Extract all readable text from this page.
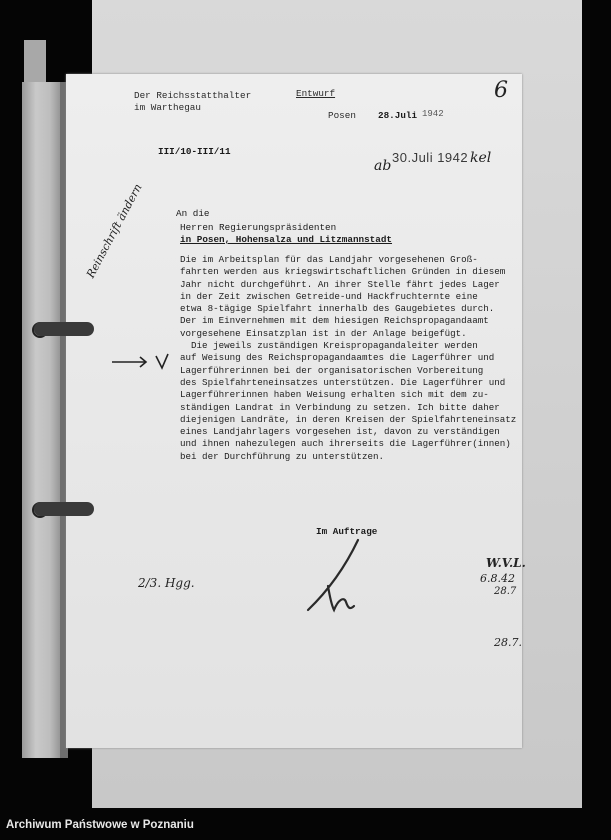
Der Reichsstatthalter
im Warthegau
Entwurf
Posen 28.Juli 1942
6
III/10-III/11
ab
30.Juli 1942 kel
Reinschrift ändern	An die
Herren Regierungspräsidenten
in Posen, Hohensalza und Litzmannstadt
Die im Arbeitsplan für das Landjahr vorgesehenen Groß-
fahrten werden aus kriegswirtschaftlichen Gründen in diesem
Jahr nicht durchgeführt. An ihrer Stelle fährt jedes Lager
in der Zeit zwischen Getreide-und Hackfruchternte eine
etwa 8-tägige Spielfahrt innerhalb des Gaugebietes durch.
Der im Einvernehmen mit dem hiesigen Reichspropagandaamt
vorgesehene Einsatzplan ist in der Anlage beigefügt.
Die jeweils zuständigen Kreispropagandaleiter werden
auf Weisung des Reichspropagandaamtes die Lagerführer und
Lagerführerinnen bei der organisatorischen Vorbereitung
des Spielfahrteneinsatzes unterstützen. Die Lagerführer und
Lagerführerinnen haben Weisung erhalten sich mit dem zu-
ständigen Landrat in Verbindung zu setzen. Ich bitte daher
diejenigen Landräte, in deren Kreisen der Spielfahrteneinsatz
eines Landjahrlagers vorgesehen ist, davon zu verständigen
und ihnen nahezulegen auch ihrerseits die Lagerführer(innen)
bei der Durchführung zu unterstützen.
Im Auftrage
2/3. Hgg.
W.V.L.
6.8.42
28.7
28.7.
Archiwum Państwowe w Poznaniu
